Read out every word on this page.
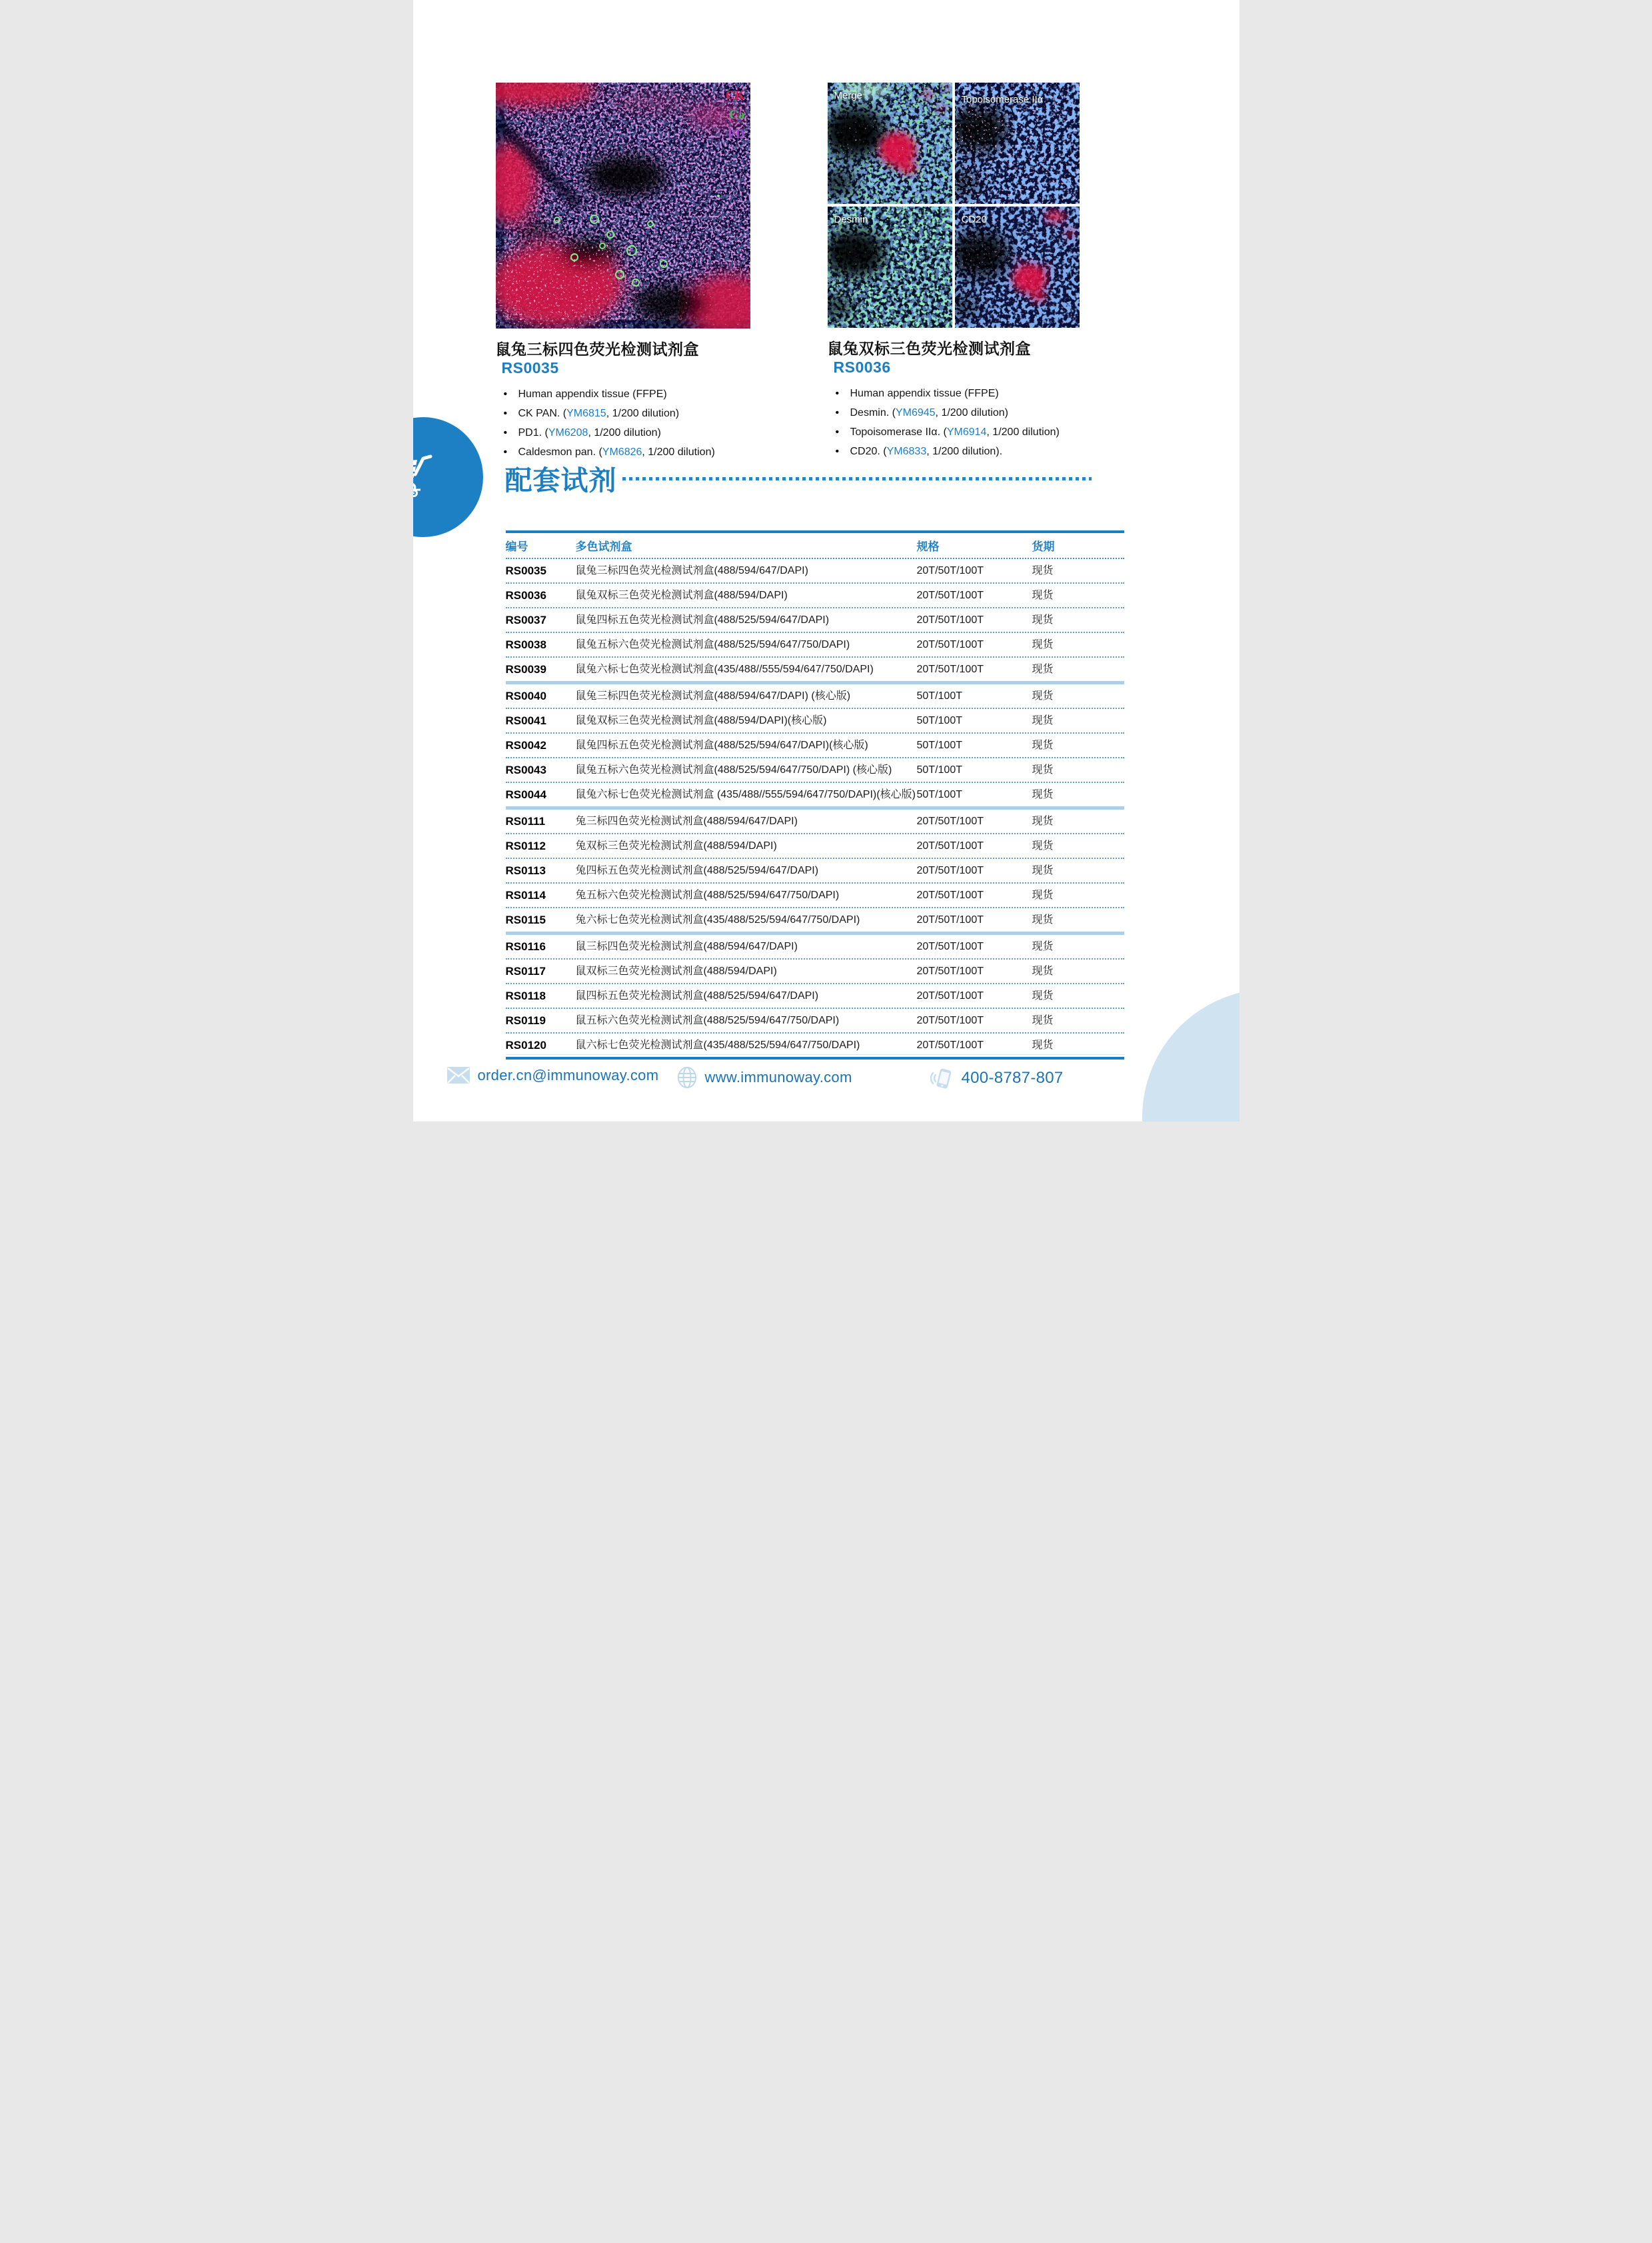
CK
Ca
PD
鼠兔三标四色荧光检测试剂盒RS0035
• Human appendix tissue (FFPE)
• CK PAN. (YM6815, 1/200 dilution)
• PD1. (YM6208, 1/200 dilution)
• Caldesmon pan. (YM6826, 1/200 dilution)
Merge	Topoisomerase IIα
Desmin	CD20
鼠兔双标三色荧光检测试剂盒RS0036
• Human appendix tissue (FFPE)
• Desmin. (YM6945, 1/200 dilution)
• Topoisomerase IIα. (YM6914, 1/200 dilution)
• CD20. (YM6833, 1/200 dilution).
配套试剂
编号	多色试剂盒	规格	货期
RS0035	鼠兔三标四色荧光检测试剂盒(488/594/647/DAPI)	20T/50T/100T	现货
RS0036	鼠兔双标三色荧光检测试剂盒(488/594/DAPI)	20T/50T/100T	现货
RS0037	鼠兔四标五色荧光检测试剂盒(488/525/594/647/DAPI)	20T/50T/100T	现货
RS0038	鼠兔五标六色荧光检测试剂盒(488/525/594/647/750/DAPI)	20T/50T/100T	现货
RS0039	鼠兔六标七色荧光检测试剂盒(435/488//555/594/647/750/DAPI)	20T/50T/100T	现货
RS0040	鼠兔三标四色荧光检测试剂盒(488/594/647/DAPI) (核心版)	50T/100T	现货
RS0041	鼠兔双标三色荧光检测试剂盒(488/594/DAPI)(核心版)	50T/100T	现货
RS0042	鼠兔四标五色荧光检测试剂盒(488/525/594/647/DAPI)(核心版)	50T/100T	现货
RS0043	鼠兔五标六色荧光检测试剂盒(488/525/594/647/750/DAPI) (核心版)	50T/100T	现货
RS0044	鼠兔六标七色荧光检测试剂盒 (435/488//555/594/647/750/DAPI)(核心版) 50T/100T	现货
RS0111	兔三标四色荧光检测试剂盒(488/594/647/DAPI)	20T/50T/100T	现货
RS0112	兔双标三色荧光检测试剂盒(488/594/DAPI)	20T/50T/100T	现货
RS0113	兔四标五色荧光检测试剂盒(488/525/594/647/DAPI)	20T/50T/100T	现货
RS0114	兔五标六色荧光检测试剂盒(488/525/594/647/750/DAPI)	20T/50T/100T	现货
RS0115	兔六标七色荧光检测试剂盒(435/488/525/594/647/750/DAPI)	20T/50T/100T	现货
RS0116	鼠三标四色荧光检测试剂盒(488/594/647/DAPI)	20T/50T/100T	现货
RS0117	鼠双标三色荧光检测试剂盒(488/594/DAPI)	20T/50T/100T	现货
RS0118	鼠四标五色荧光检测试剂盒(488/525/594/647/DAPI)	20T/50T/100T	现货
RS0119	鼠五标六色荧光检测试剂盒(488/525/594/647/750/DAPI)	20T/50T/100T	现货
RS0120	鼠六标七色荧光检测试剂盒(435/488/525/594/647/750/DAPI)	20T/50T/100T	现货
order.cn@immunoway.com	www.immunoway.com	400-8787-807
